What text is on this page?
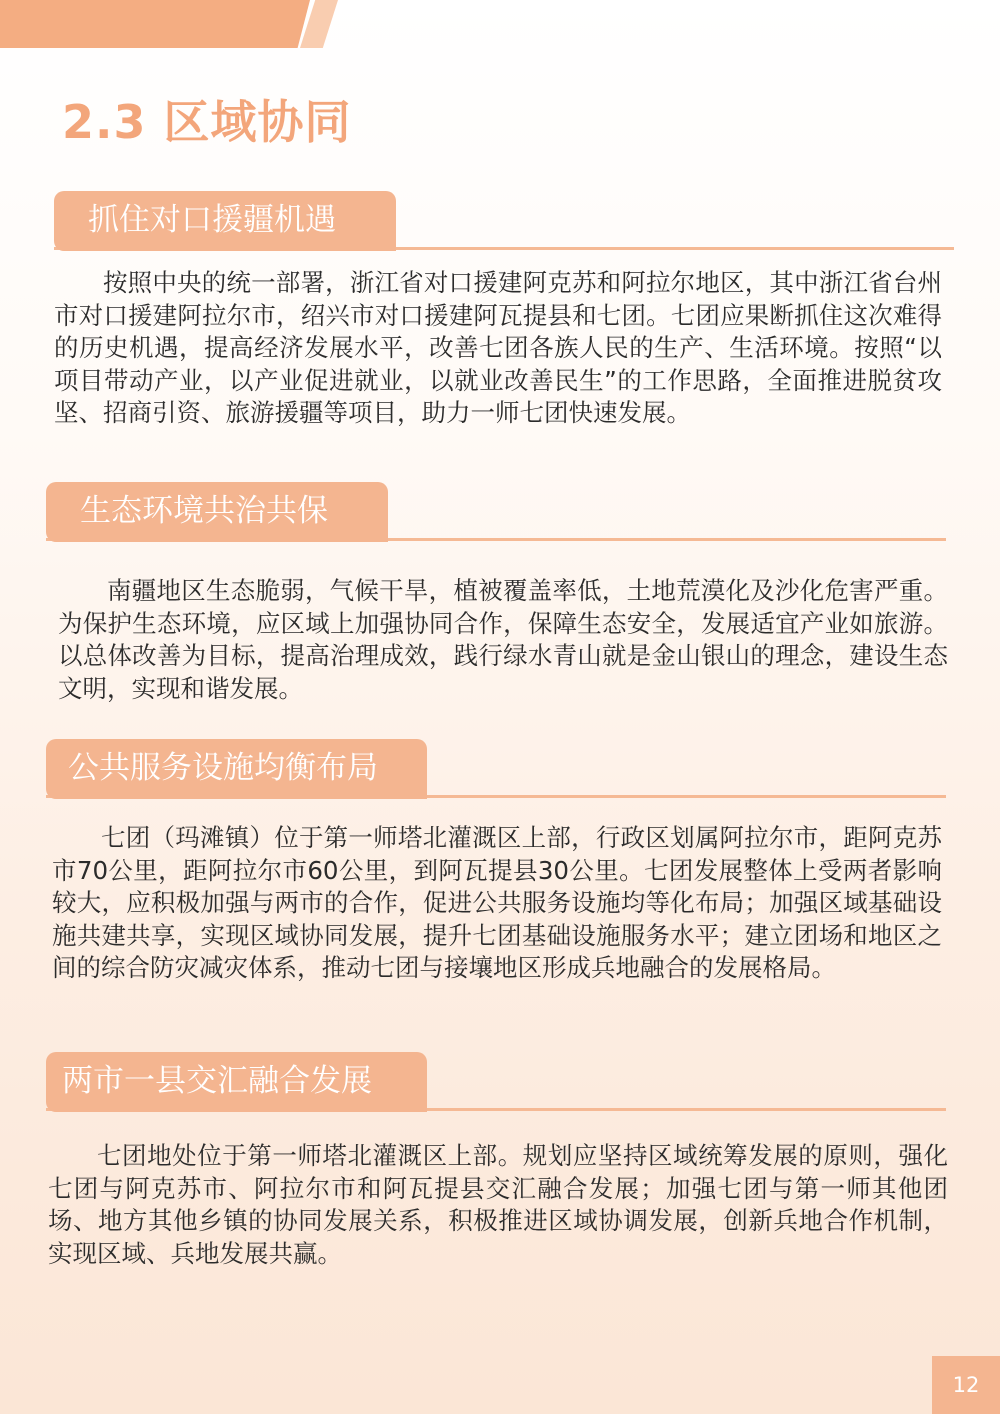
2.3 区域协同
抓住对口援疆机遇

按照中央的统一部署，浙江省对口援建阿克苏和阿拉尔地区，其中浙江省台州市对口援建阿拉尔市，绍兴市对口援建阿瓦提县和七团。七团应果断抓住这次难得的历史机遇，提高经济发展水平，改善七团各族人民的生产、生活环境。按照“以项目带动产业，以产业促进就业，以就业改善民生”的工作思路，全面推进脱贫攻坚、招商引资、旅游援疆等项目，助力一师七团快速发展。

生态环境共治共保

南疆地区生态脆弱，气候干旱，植被覆盖率低，土地荒漠化及沙化危害严重。为保护生态环境，应区域上加强协同合作，保障生态安全，发展适宜产业如旅游。以总体改善为目标，提高治理成效，践行绿水青山就是金山银山的理念，建设生态文明，实现和谐发展。

公共服务设施均衡布局

七团（玛滩镇）位于第一师塔北灌溉区上部，行政区划属阿拉尔市，距阿克苏市70公里，距阿拉尔市60公里，到阿瓦提县30公里。七团发展整体上受两者影响较大，应积极加强与两市的合作，促进公共服务设施均等化布局；加强区域基础设施共建共享，实现区域协同发展，提升七团基础设施服务水平；建立团场和地区之间的综合防灾减灾体系，推动七团与接壤地区形成兵地融合的发展格局。

两市一县交汇融合发展

七团地处位于第一师塔北灌溉区上部。规划应坚持区域统筹发展的原则，强化七团与阿克苏市、阿拉尔市和阿瓦提县交汇融合发展；加强七团与第一师其他团场、地方其他乡镇的协同发展关系，积极推进区域协调发展，创新兵地合作机制，实现区域、兵地发展共赢。

12
